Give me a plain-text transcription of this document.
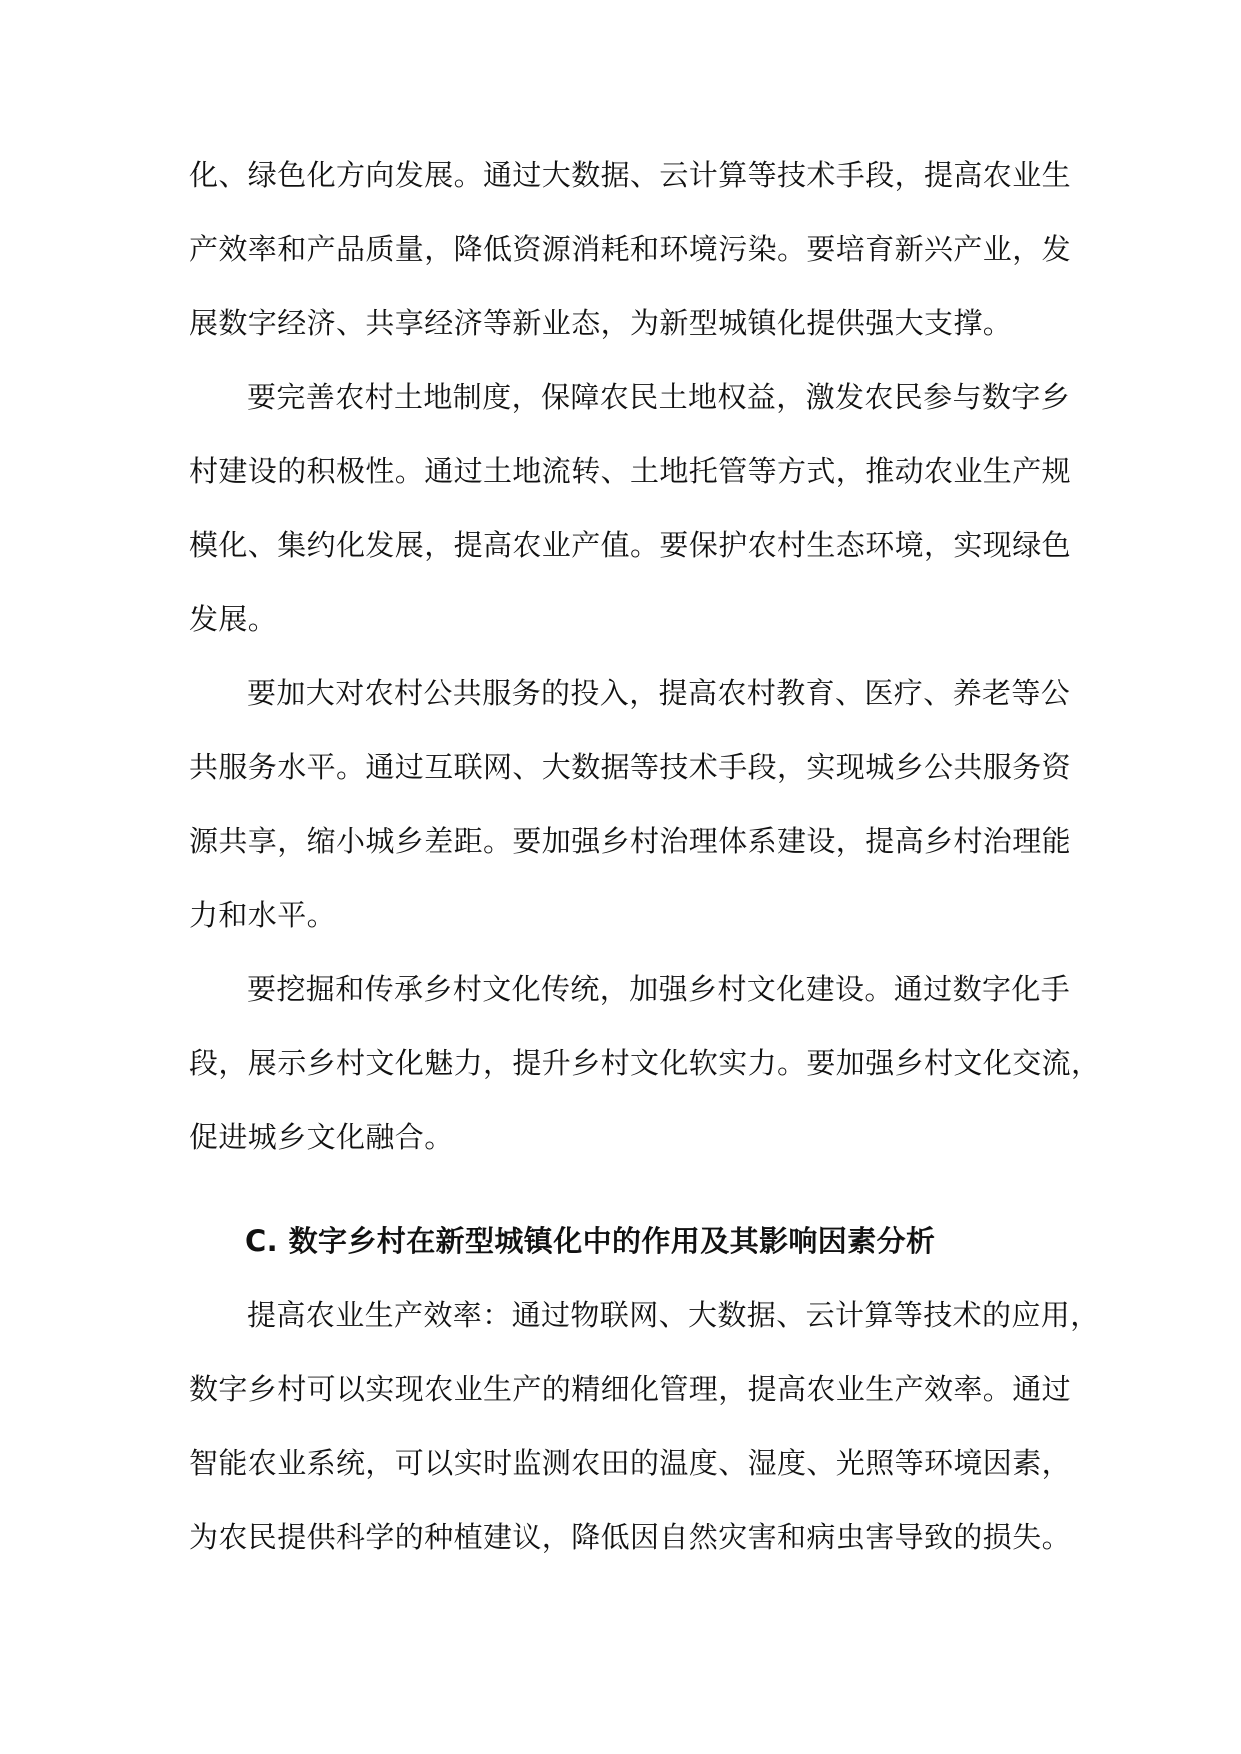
化、绿色化方向发展。通过大数据、云计算等技术手段，提高农业生
产效率和产品质量，降低资源消耗和环境污染。要培育新兴产业，发
展数字经济、共享经济等新业态，为新型城镇化提供强大支撑。
要完善农村土地制度，保障农民土地权益，激发农民参与数字乡
村建设的积极性。通过土地流转、土地托管等方式，推动农业生产规
模化、集约化发展，提高农业产值。要保护农村生态环境，实现绿色
发展。
要加大对农村公共服务的投入，提高农村教育、医疗、养老等公
共服务水平。通过互联网、大数据等技术手段，实现城乡公共服务资
源共享，缩小城乡差距。要加强乡村治理体系建设，提高乡村治理能
力和水平。
要挖掘和传承乡村文化传统，加强乡村文化建设。通过数字化手
段，展示乡村文化魅力，提升乡村文化软实力。要加强乡村文化交流，
促进城乡文化融合。
C. 数字乡村在新型城镇化中的作用及其影响因素分析
提高农业生产效率：通过物联网、大数据、云计算等技术的应用，
数字乡村可以实现农业生产的精细化管理，提高农业生产效率。通过
智能农业系统，可以实时监测农田的温度、湿度、光照等环境因素，
为农民提供科学的种植建议，降低因自然灾害和病虫害导致的损失。
